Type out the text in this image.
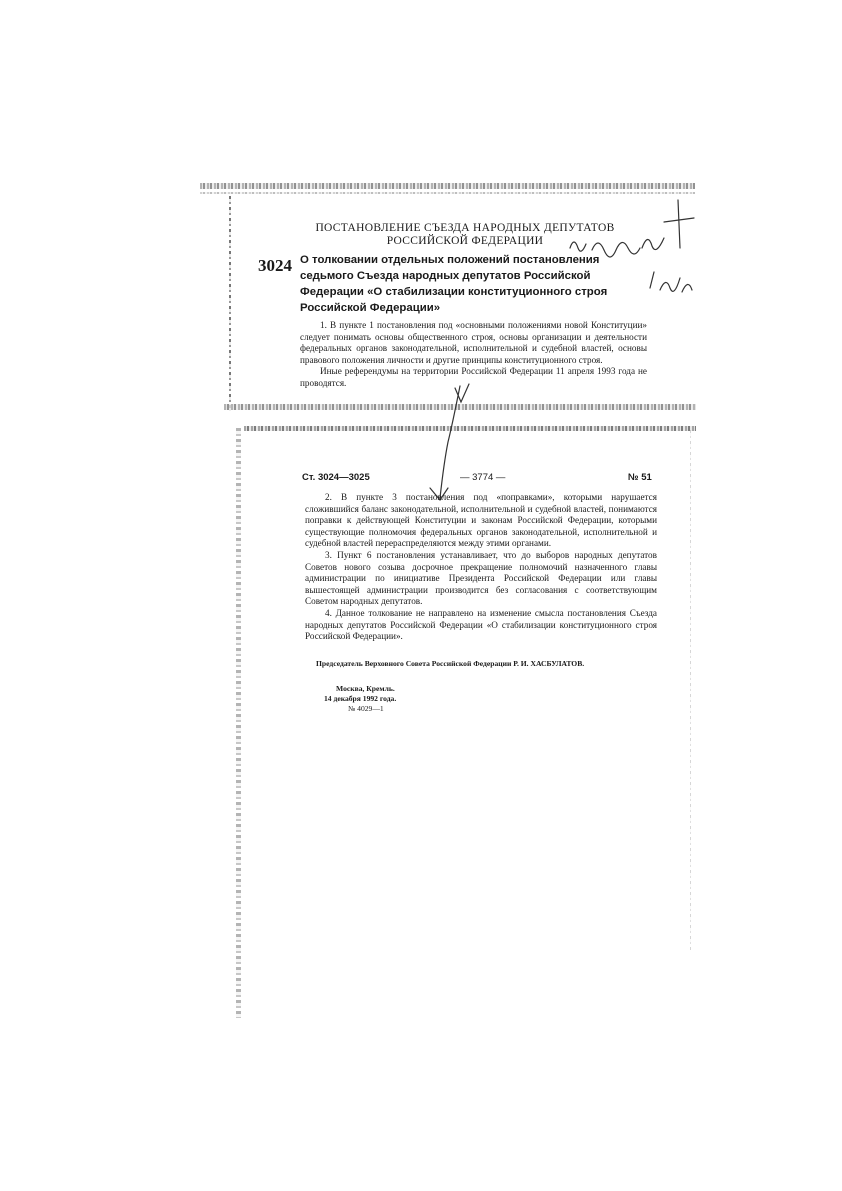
ПОСТАНОВЛЕНИЕ СЪЕЗДА НАРОДНЫХ ДЕПУТАТОВ
РОССИЙСКОЙ ФЕДЕРАЦИИ
3024 О толковании отдельных положений постановления седьмого Съезда народных депутатов Российской Федерации «О стабилизации конституционного строя Российской Федерации»

1. В пункте 1 постановления под «основными положениями новой Конституции» следует понимать основы общественного строя, основы организации и деятельности федеральных органов законодательной, исполнительной и судебной властей, основы правового положения личности и другие принципы конституционного строя.

Иные референдумы на территории Российской Федерации 11 апреля 1993 года не проводятся.

Ст. 3024—3025	— 3774 —	№ 51

2. В пункте 3 постановления под «поправками», которыми нарушается сложившийся баланс законодательной, исполнительной и судебной властей, понимаются поправки к действующей Конституции и законам Российской Федерации, которыми существующие полномочия федеральных органов законодательной, исполнительной и судебной властей перераспределяются между этими органами.

3. Пункт 6 постановления устанавливает, что до выборов народных депутатов Советов нового созыва досрочное прекращение полномочий назначенного главы администрации по инициативе Президента Российской Федерации или главы вышестоящей администрации производится без согласования с соответствующим Советом народных депутатов.

4. Данное толкование не направлено на изменение смысла постановления Съезда народных депутатов Российской Федерации «О стабилизации конституционного строя Российской Федерации».

Председатель Верховного Совета Российской Федерации Р. И. ХАСБУЛАТОВ.
Москва, Кремль.
14 декабря 1992 года.
№ 4029—1
